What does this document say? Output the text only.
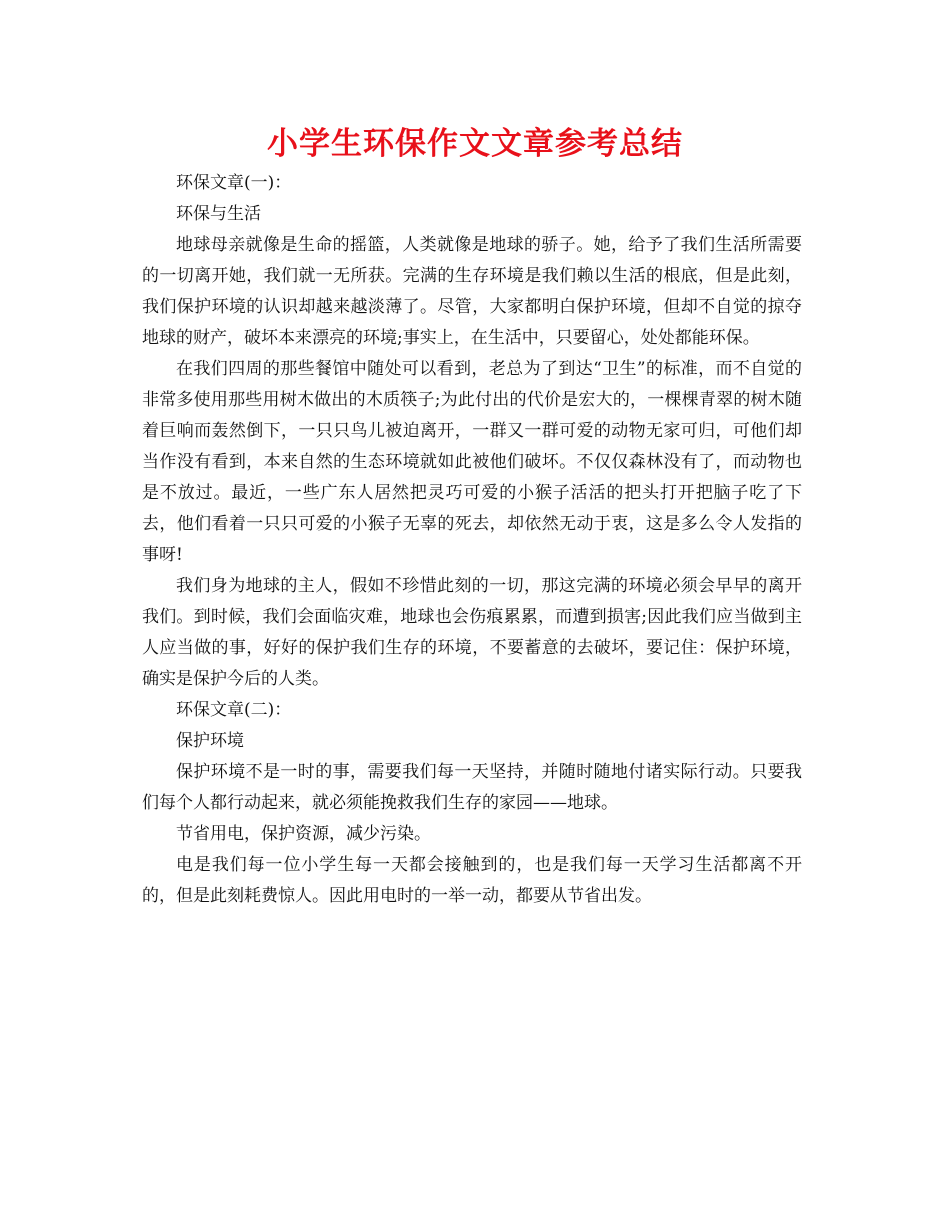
小学生环保作文文章参考总结

环保文章(一)：

环保与生活

地球母亲就像是生命的摇篮，人类就像是地球的骄子。她，给予了我们生活所需要的一切离开她，我们就一无所获。完满的生存环境是我们赖以生活的根底，但是此刻，我们保护环境的认识却越来越淡薄了。尽管，大家都明白保护环境，但却不自觉的掠夺地球的财产，破坏本来漂亮的环境;事实上，在生活中，只要留心，处处都能环保。

在我们四周的那些餐馆中随处可以看到，老总为了到达“卫生”的标准，而不自觉的非常多使用那些用树木做出的木质筷子;为此付出的代价是宏大的，一棵棵青翠的树木随着巨响而轰然倒下，一只只鸟儿被迫离开，一群又一群可爱的动物无家可归，可他们却当作没有看到，本来自然的生态环境就如此被他们破坏。不仅仅森林没有了，而动物也是不放过。最近，一些广东人居然把灵巧可爱的小猴子活活的把头打开把脑子吃了下去，他们看着一只只可爱的小猴子无辜的死去，却依然无动于衷，这是多么令人发指的事呀!

我们身为地球的主人，假如不珍惜此刻的一切，那这完满的环境必须会早早的离开我们。到时候，我们会面临灾难，地球也会伤痕累累，而遭到损害;因此我们应当做到主人应当做的事，好好的保护我们生存的环境，不要蓄意的去破坏，要记住：保护环境，确实是保护今后的人类。

环保文章(二)：

保护环境

保护环境不是一时的事，需要我们每一天坚持，并随时随地付诸实际行动。只要我们每个人都行动起来，就必须能挽救我们生存的家园——地球。

节省用电，保护资源，减少污染。

电是我们每一位小学生每一天都会接触到的，也是我们每一天学习生活都离不开的，但是此刻耗费惊人。因此用电时的一举一动，都要从节省出发。
